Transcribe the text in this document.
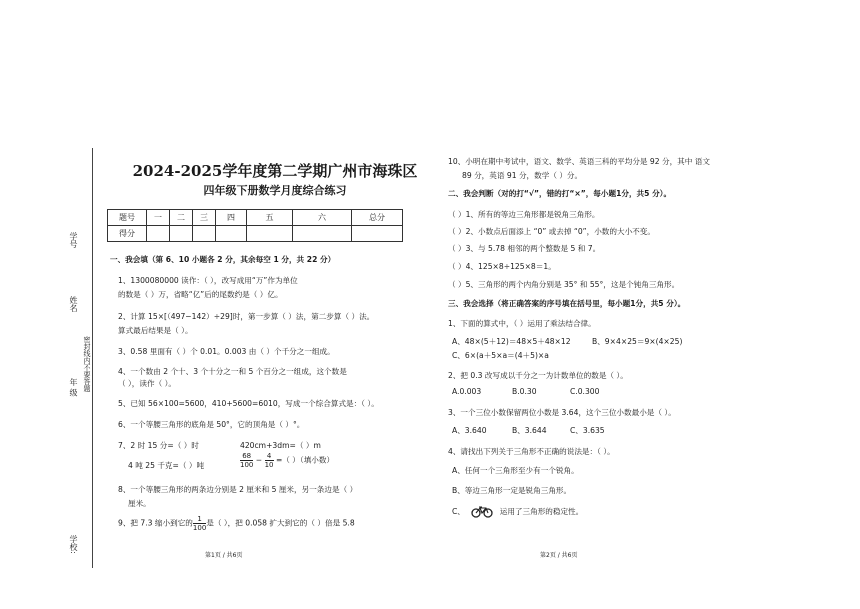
学号
姓名
密封线内不要答题
年 级
学校:
2024-2025学年度第二学期广州市海珠区
四年级下册数学月度综合练习
题号	一	二	三	四	五	六	总分
得分							
一、我会填（第 6、10 小题各 2 分，其余每空 1 分，共 22 分）
1、1300080000 读作：（ ），改写成用“万”作为单位
的数是（ ）万，省略“亿”后的尾数约是（ ）亿。
2、计算 15×[（497−142）÷29]时，第一步算（ ）法，第二步算（ ）法。
算式最后结果是（ ）。
3、0.58 里面有（ ）个 0.01。0.003 由（ ）个千分之一组成。
4、一个数由 2 个十、3 个十分之一和 5 个百分之一组成，这个数是
（ ），读作（ ）。
5、已知 56×100=5600，410+5600=6010，写成一个综合算式是：（ ）。
6、一个等腰三角形的底角是 50°，它的顶角是（ ）°。
7、2 时 15 分=（ ）时	420cm+3dm=（ ）m
4 吨 25 千克=（ ）吨	$\frac{68}{100} - \frac{4}{10}$ =（ ）（填小数）
8、一个等腰三角形的两条边分别是 2 厘米和 5 厘米，另一条边是（ ）
厘米。
9、把 7.3 缩小到它的 $\frac{1}{100}$ 是（ ），把 0.058 扩大到它的（ ）倍是 5.8
第1页 / 共6页
10、小明在期中考试中，语文、数学、英语三科的平均分是 92 分，其中 语文
89 分，英语 91 分，数学（ ）分。
二、我会判断（对的打“√”，错的打“×”，每小题1分，共5 分）。
（ ）1、所有的等边三角形都是锐角三角形。
（ ）2、小数点后面添上 “0” 或去掉 “0”，小数的大小不变。
（ ）3、与 5.78 相邻的两个整数是 5 和 7。
（ ）4、125×8÷125×8＝1。
（ ）5、三角形的两个内角分别是 35° 和 55°，这是个钝角三角形。
三、我会选择（将正确答案的序号填在括号里，每小题1分，共5 分）。
1、下面的算式中，（ ）运用了乘法结合律。
A、48×(5＋12)＝48×5＋48×12	B、9×4×25＝9×(4×25)
C、6×(a＋5×a＝(4＋5)×a
2、把 0.3 改写成以千分之一为计数单位的数是（ ）。
A.0.003	B.0.30	C.0.300
3、一个三位小数保留两位小数是 3.64，这个三位小数最小是（ ）。
A、3.640	B、3.644	C、3.635
4、请找出下列关于三角形不正确的说法是：（ ）。
A、任何一个三角形至少有一个锐角。
B、等边三角形一定是锐角三角形。
C、	运用了三角形的稳定性。
第2页 / 共6页
